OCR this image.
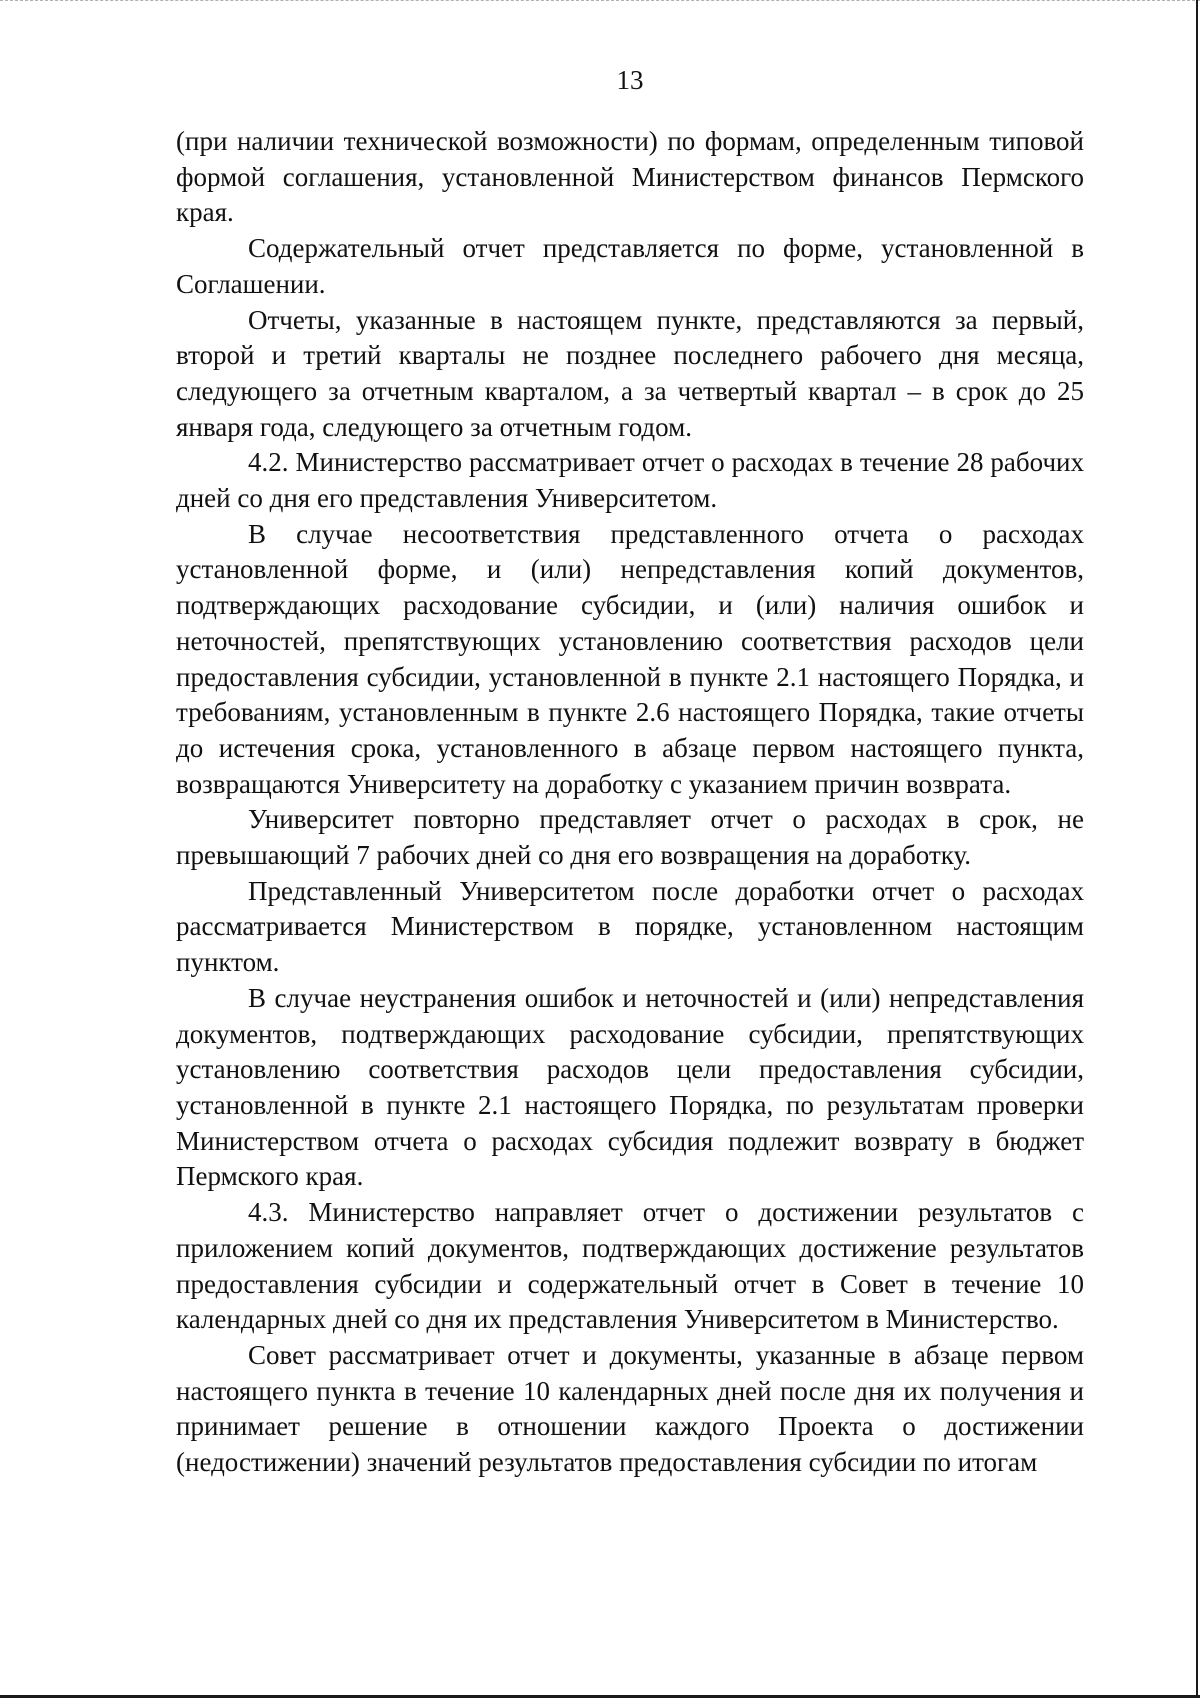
13

(при наличии технической возможности) по формам, определенным типовой формой соглашения, установленной Министерством финансов Пермского края.

Содержательный отчет представляется по форме, установленной в Соглашении.

Отчеты, указанные в настоящем пункте, представляются за первый, второй и третий кварталы не позднее последнего рабочего дня месяца, следующего за отчетным кварталом, а за четвертый квартал – в срок до 25 января года, следующего за отчетным годом.

4.2. Министерство рассматривает отчет о расходах в течение 28 рабочих дней со дня его представления Университетом.

В случае несоответствия представленного отчета о расходах установленной форме, и (или) непредставления копий документов, подтверждающих расходование субсидии, и (или) наличия ошибок и неточностей, препятствующих установлению соответствия расходов цели предоставления субсидии, установленной в пункте 2.1 настоящего Порядка, и требованиям, установленным в пункте 2.6 настоящего Порядка, такие отчеты до истечения срока, установленного в абзаце первом настоящего пункта, возвращаются Университету на доработку с указанием причин возврата.

Университет повторно представляет отчет о расходах в срок, не превышающий 7 рабочих дней со дня его возвращения на доработку.

Представленный Университетом после доработки отчет о расходах рассматривается Министерством в порядке, установленном настоящим пунктом.

В случае неустранения ошибок и неточностей и (или) непредставления документов, подтверждающих расходование субсидии, препятствующих установлению соответствия расходов цели предоставления субсидии, установленной в пункте 2.1 настоящего Порядка, по результатам проверки Министерством отчета о расходах субсидия подлежит возврату в бюджет Пермского края.

4.3. Министерство направляет отчет о достижении результатов с приложением копий документов, подтверждающих достижение результатов предоставления субсидии и содержательный отчет в Совет в течение 10 календарных дней со дня их представления Университетом в Министерство.

Совет рассматривает отчет и документы, указанные в абзаце первом настоящего пункта в течение 10 календарных дней после дня их получения и принимает решение в отношении каждого Проекта о достижении (недостижении) значений результатов предоставления субсидии по итогам
